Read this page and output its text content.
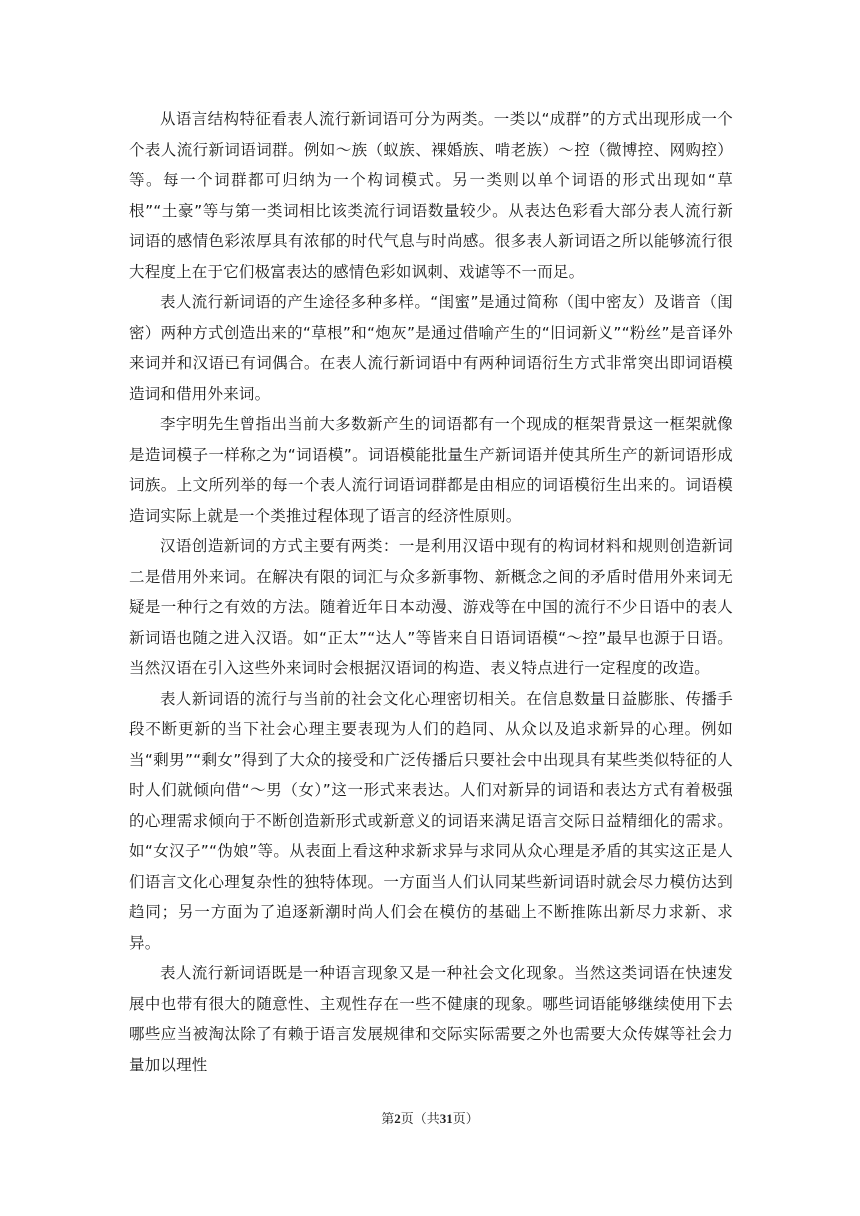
从语言结构特征看表人流行新词语可分为两类。一类以“成群”的方式出现形成一个个表人流行新词语词群。例如～族（蚁族、裸婚族、啃老族）～控（微博控、网购控）等。每一个词群都可归纳为一个构词模式。另一类则以单个词语的形式出现如“草根”“土豪”等与第一类词相比该类流行词语数量较少。从表达色彩看大部分表人流行新词语的感情色彩浓厚具有浓郁的时代气息与时尚感。很多表人新词语之所以能够流行很大程度上在于它们极富表达的感情色彩如讽刺、戏谑等不一而足。

表人流行新词语的产生途径多种多样。“闺蜜”是通过简称（闺中密友）及谐音（闺密）两种方式创造出来的“草根”和“炮灰”是通过借喻产生的“旧词新义”“粉丝”是音译外来词并和汉语已有词偶合。在表人流行新词语中有两种词语衍生方式非常突出即词语模造词和借用外来词。

李宇明先生曾指出当前大多数新产生的词语都有一个现成的框架背景这一框架就像是造词模子一样称之为“词语模”。词语模能批量生产新词语并使其所生产的新词语形成词族。上文所列举的每一个表人流行词语词群都是由相应的词语模衍生出来的。词语模造词实际上就是一个类推过程体现了语言的经济性原则。

汉语创造新词的方式主要有两类：一是利用汉语中现有的构词材料和规则创造新词二是借用外来词。在解决有限的词汇与众多新事物、新概念之间的矛盾时借用外来词无疑是一种行之有效的方法。随着近年日本动漫、游戏等在中国的流行不少日语中的表人新词语也随之进入汉语。如“正太”“达人”等皆来自日语词语模“～控”最早也源于日语。当然汉语在引入这些外来词时会根据汉语词的构造、表义特点进行一定程度的改造。

表人新词语的流行与当前的社会文化心理密切相关。在信息数量日益膨胀、传播手段不断更新的当下社会心理主要表现为人们的趋同、从众以及追求新异的心理。例如当“剩男”“剩女”得到了大众的接受和广泛传播后只要社会中出现具有某些类似特征的人时人们就倾向借“～男（女）”这一形式来表达。人们对新异的词语和表达方式有着极强的心理需求倾向于不断创造新形式或新意义的词语来满足语言交际日益精细化的需求。如“女汉子”“伪娘”等。从表面上看这种求新求异与求同从众心理是矛盾的其实这正是人们语言文化心理复杂性的独特体现。一方面当人们认同某些新词语时就会尽力模仿达到趋同；另一方面为了追逐新潮时尚人们会在模仿的基础上不断推陈出新尽力求新、求异。

表人流行新词语既是一种语言现象又是一种社会文化现象。当然这类词语在快速发展中也带有很大的随意性、主观性存在一些不健康的现象。哪些词语能够继续使用下去哪些应当被淘汰除了有赖于语言发展规律和交际实际需要之外也需要大众传媒等社会力量加以理性

第2页（共31页）
